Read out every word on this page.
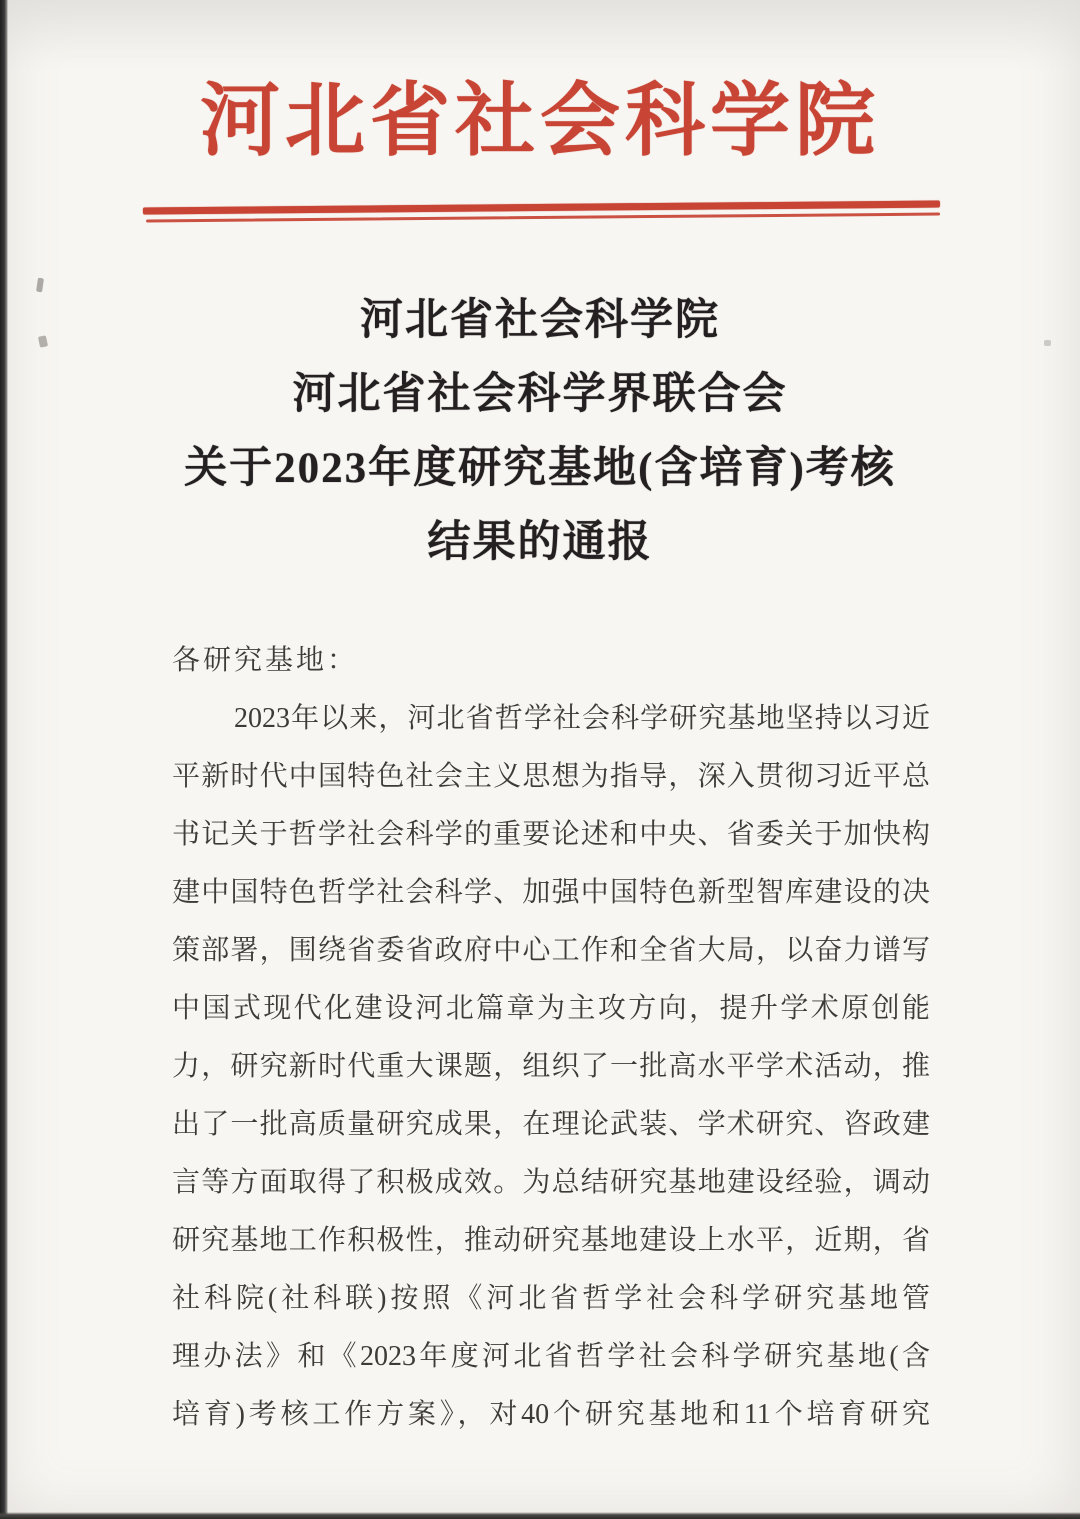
河北省社会科学院
河北省社会科学院
河北省社会科学界联合会
关于2023年度研究基地(含培育)考核
结果的通报
各研究基地：
2023年以来，河北省哲学社会科学研究基地坚持以习近
平新时代中国特色社会主义思想为指导，深入贯彻习近平总
书记关于哲学社会科学的重要论述和中央、省委关于加快构
建中国特色哲学社会科学、加强中国特色新型智库建设的决
策部署，围绕省委省政府中心工作和全省大局，以奋力谱写
中国式现代化建设河北篇章为主攻方向，提升学术原创能
力，研究新时代重大课题，组织了一批高水平学术活动，推
出了一批高质量研究成果，在理论武装、学术研究、咨政建
言等方面取得了积极成效。为总结研究基地建设经验，调动
研究基地工作积极性，推动研究基地建设上水平，近期，省
社科院(社科联)按照《河北省哲学社会科学研究基地管
理办法》和《2023年度河北省哲学社会科学研究基地(含
培育)考核工作方案》，对40个研究基地和11个培育研究
